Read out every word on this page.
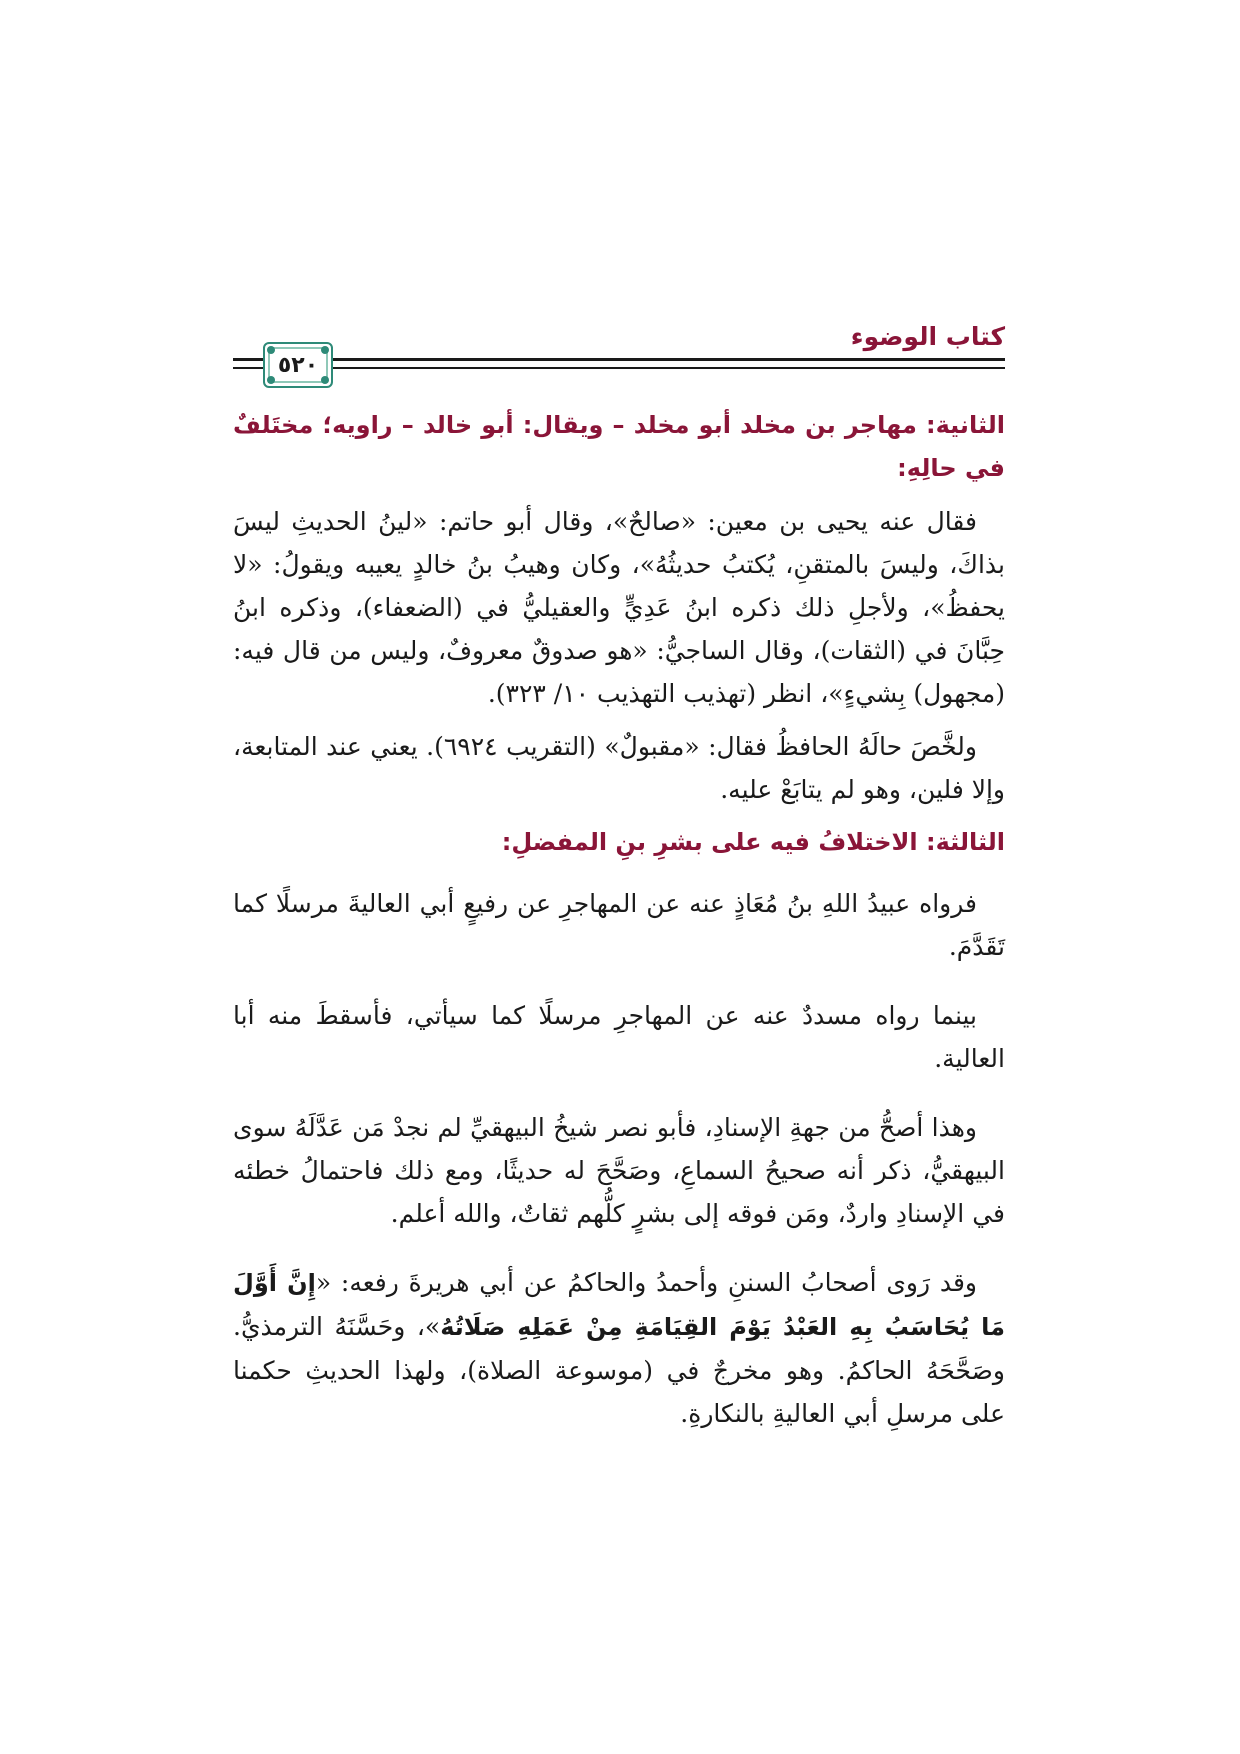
كتاب الوضوء
٥٢٠

الثانية: مهاجر بن مخلد أبو مخلد – ويقال: أبو خالد – راويه؛ مختَلفٌ في حالِهِ:

فقال عنه يحيى بن معين: «صالحٌ»، وقال أبو حاتم: «لينُ الحديثِ ليسَ بذاكَ، وليسَ بالمتقنِ، يُكتبُ حديثُهُ»، وكان وهيبُ بنُ خالدٍ يعيبه ويقولُ: «لا يحفظُ»، ولأجلِ ذلك ذكره ابنُ عَدِيٍّ والعقيليُّ في (الضعفاء)، وذكره ابنُ حِبَّانَ في (الثقات)، وقال الساجيُّ: «هو صدوقٌ معروفٌ، وليس من قال فيه: (مجهول) بِشيءٍ»، انظر (تهذيب التهذيب ١٠/ ٣٢٣).

ولخَّصَ حالَهُ الحافظُ فقال: «مقبولٌ» (التقريب ٦٩٢٤). يعني عند المتابعة، وإلا فلين، وهو لم يتابَعْ عليه.

الثالثة: الاختلافُ فيه على بشرِ بنِ المفضلِ:

فرواه عبيدُ اللهِ بنُ مُعَاذٍ عنه عن المهاجرِ عن رفيعٍ أبي العاليةَ مرسلًا كما تَقَدَّمَ.

بينما رواه مسددٌ عنه عن المهاجرِ مرسلًا كما سيأتي، فأسقطَ منه أبا العالية.

وهذا أصحُّ من جهةِ الإسنادِ، فأبو نصر شيخُ البيهقيِّ لم نجدْ مَن عَدَّلَهُ سوى البيهقيُّ، ذكر أنه صحيحُ السماعِ، وصَحَّحَ له حديثًا، ومع ذلك فاحتمالُ خطئه في الإسنادِ واردٌ، ومَن فوقه إلى بشرٍ كلُّهم ثقاتٌ، والله أعلم.

وقد رَوى أصحابُ السننِ وأحمدُ والحاكمُ عن أبي هريرةَ رفعه: «إِنَّ أَوَّلَ مَا يُحَاسَبُ بِهِ العَبْدُ يَوْمَ القِيَامَةِ مِنْ عَمَلِهِ صَلَاتُهُ»، وحَسَّنَهُ الترمذيُّ. وصَحَّحَهُ الحاكمُ. وهو مخرجٌ في (موسوعة الصلاة)، ولهذا الحديثِ حكمنا على مرسلِ أبي العاليةِ بالنكارةِ.
